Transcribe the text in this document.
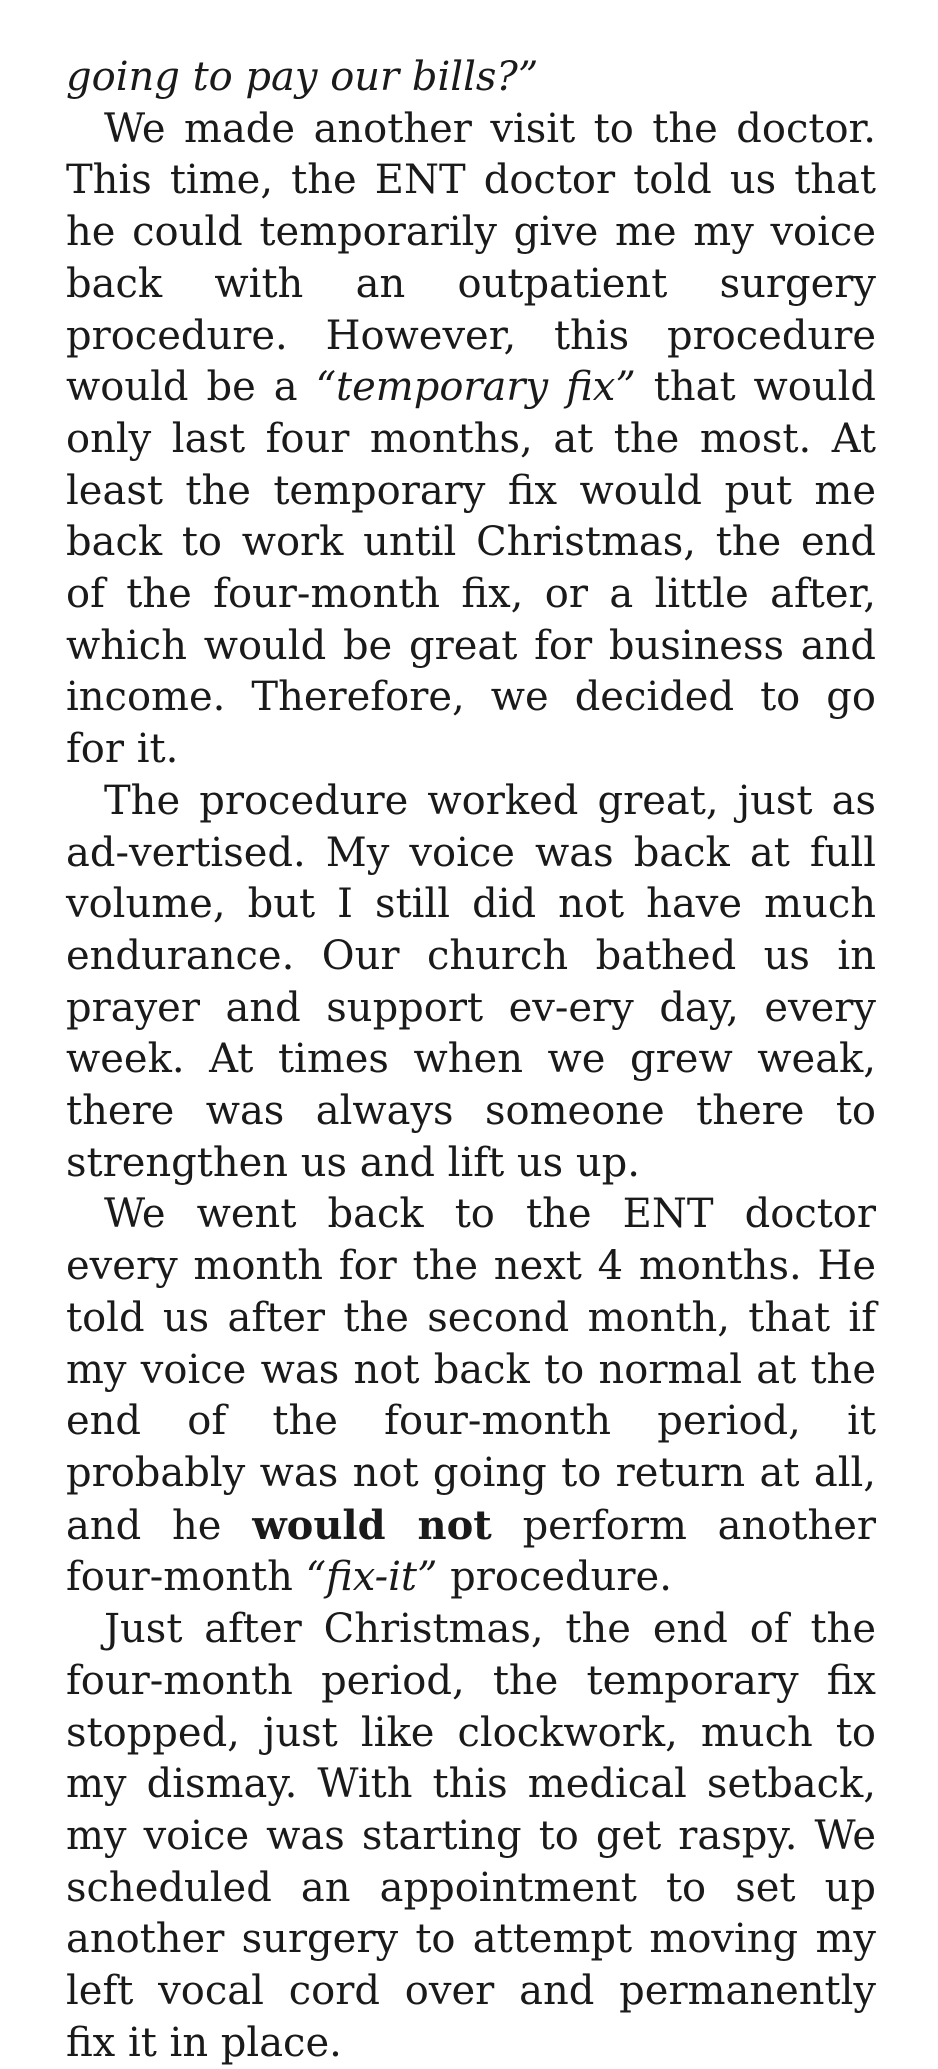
going to pay our bills?”

We made another visit to the doctor. This time, the ENT doctor told us that he could temporarily give me my voice back with an outpatient surgery procedure. However, this procedure would be a “temporary fix” that would only last four months, at the most. At least the temporary fix would put me back to work until Christmas, the end of the four-month fix, or a little after, which would be great for business and income. Therefore, we decided to go for it.

The procedure worked great, just as ad-vertised. My voice was back at full volume, but I still did not have much endurance. Our church bathed us in prayer and support ev-ery day, every week. At times when we grew weak, there was always someone there to strengthen us and lift us up.

We went back to the ENT doctor every month for the next 4 months. He told us after the second month, that if my voice was not back to normal at the end of the four-month period, it probably was not going to return at all, and he would not perform another four-month “fix-it” procedure.

Just after Christmas, the end of the four-month period, the temporary fix stopped, just like clockwork, much to my dismay. With this medical setback, my voice was starting to get raspy. We scheduled an appointment to set up another surgery to attempt moving my left vocal cord over and permanently fix it in place.
